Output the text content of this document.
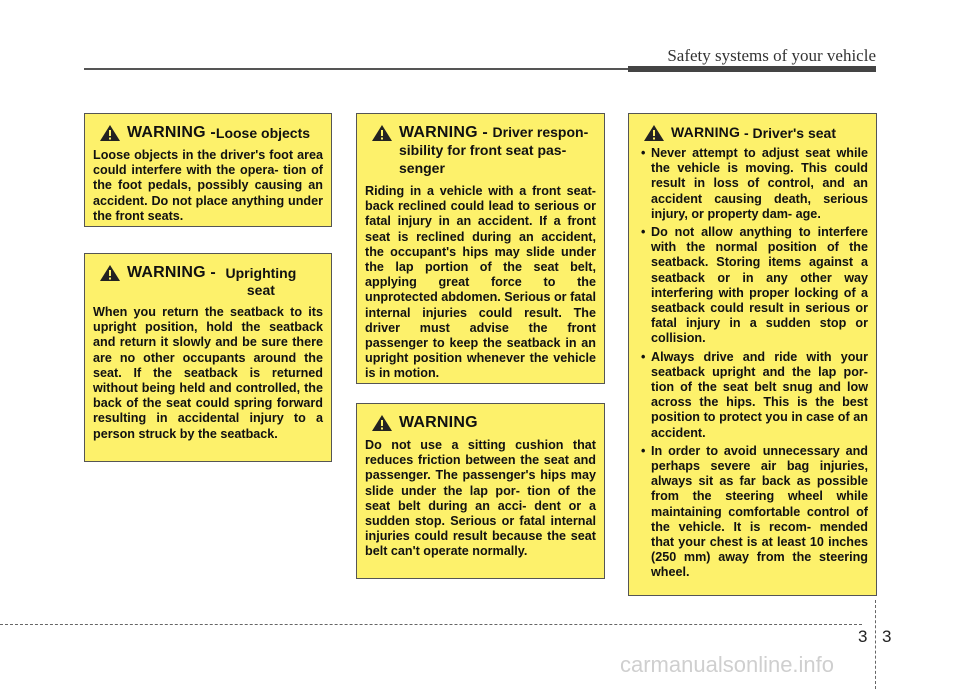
Safety systems of your vehicle
WARNING - Loose objects

Loose objects in the driver's foot area could interfere with the opera- tion of the foot pedals, possibly causing an accident. Do not place anything under the front seats.

WARNING - Uprighting seat

When you return the seatback to its upright position, hold the seatback and return it slowly and be sure there are no other occupants around the seat. If the seatback is returned without being held and controlled, the back of the seat could spring forward resulting in accidental injury to a person struck by the seatback.

WARNING - Driver respon- sibility for front seat pas- senger

Riding in a vehicle with a front seat- back reclined could lead to serious or fatal injury in an accident. If a front seat is reclined during an accident, the occupant's hips may slide under the lap portion of the seat belt, applying great force to the unprotected abdomen. Serious or fatal internal injuries could result. The driver must advise the front passenger to keep the seatback in an upright position whenever the vehicle is in motion.

WARNING

Do not use a sitting cushion that reduces friction between the seat and passenger. The passenger's hips may slide under the lap por- tion of the seat belt during an acci- dent or a sudden stop. Serious or fatal internal injuries could result because the seat belt can't operate normally.

WARNING - Driver's seat
• Never attempt to adjust seat while the vehicle is moving. This could result in loss of control, and an accident causing death, serious injury, or property dam- age.
• Do not allow anything to interfere with the normal position of the seatback. Storing items against a seatback or in any other way interfering with proper locking of a seatback could result in serious or fatal injury in a sudden stop or collision.
• Always drive and ride with your seatback upright and the lap por- tion of the seat belt snug and low across the hips. This is the best position to protect you in case of an accident.
• In order to avoid unnecessary and perhaps severe air bag injuries, always sit as far back as possible from the steering wheel while maintaining comfortable control of the vehicle. It is recom- mended that your chest is at least 10 inches (250 mm) away from the steering wheel.
3 3
carmanualsonline.info
